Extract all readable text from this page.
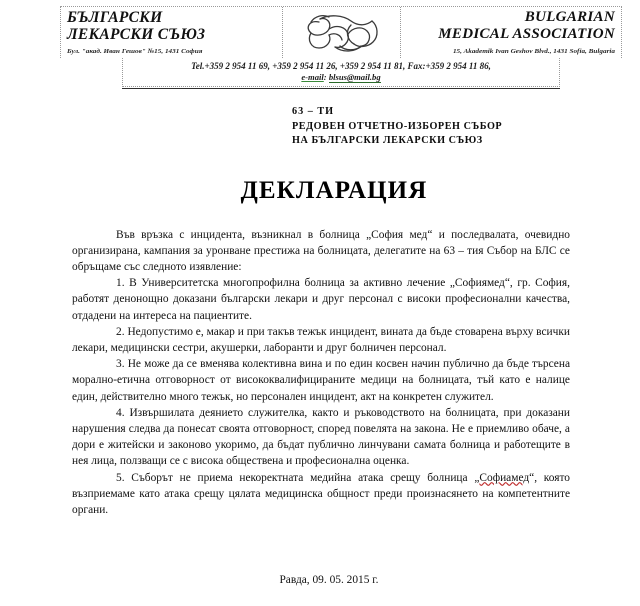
БЪЛГАРСКИ
ЛЕКАРСКИ СЪЮЗ
Бул. "акад. Иван Гешов" №15, 1431 София
BULGARIAN
MEDICAL ASSOCIATION
15, Akademik Ivan Geshov Blvd., 1431 Sofia, Bulgaria
Tel.+359 2 954 11 69, +359 2 954 11 26, +359 2 954 11 81, Fax:+359 2 954 11 86,
e-mail: blsus@mail.bg
63 – ТИ
РЕДОВЕН ОТЧЕТНО-ИЗБОРЕН СЪБОР
НА БЪЛГАРСКИ ЛЕКАРСКИ СЪЮЗ
ДЕКЛАРАЦИЯ

Във връзка с инцидента, възникнал в болница „София мед“ и последвалата, очевидно организирана, кампания за уронване престижа на болницата, делегатите на 63 – тия Събор на БЛС се обръщаме със следното изявление:

1. В Университетска многопрофилна болница за активно лечение „Софиямед“, гр. София, работят денонощно доказани български лекари и друг персонал с високи професионални качества, отдадени на интереса на пациентите.

2. Недопустимо е, макар и при такъв тежък инцидент, вината да бъде стоварена върху всички лекари, медицински сестри, акушерки, лаборанти и друг болничен персонал.

3. Не може да се вменява колективна вина и по един косвен начин публично да бъде търсена морално-етична отговорност от висококвалифицираните медици на болницата, тъй като е налице един, действително много тежък, но персонален инцидент, акт на конкретен служител.

4. Извършилата деянието служителка, както и ръководството на болницата, при доказани нарушения следва да понесат своята отговорност, според повелята на закона. Не е приемливо обаче, а дори е житейски и законово укоримо, да бъдат публично линчувани самата болница и работещите в нея лица, ползващи се с висока обществена и професионална оценка.

5. Съборът не приема некоректната медийна атака срещу болница „Софиамед“, която възприемаме като атака срещу цялата медицинска общност преди произнасянето на компетентните органи.

Равда, 09. 05. 2015 г.
